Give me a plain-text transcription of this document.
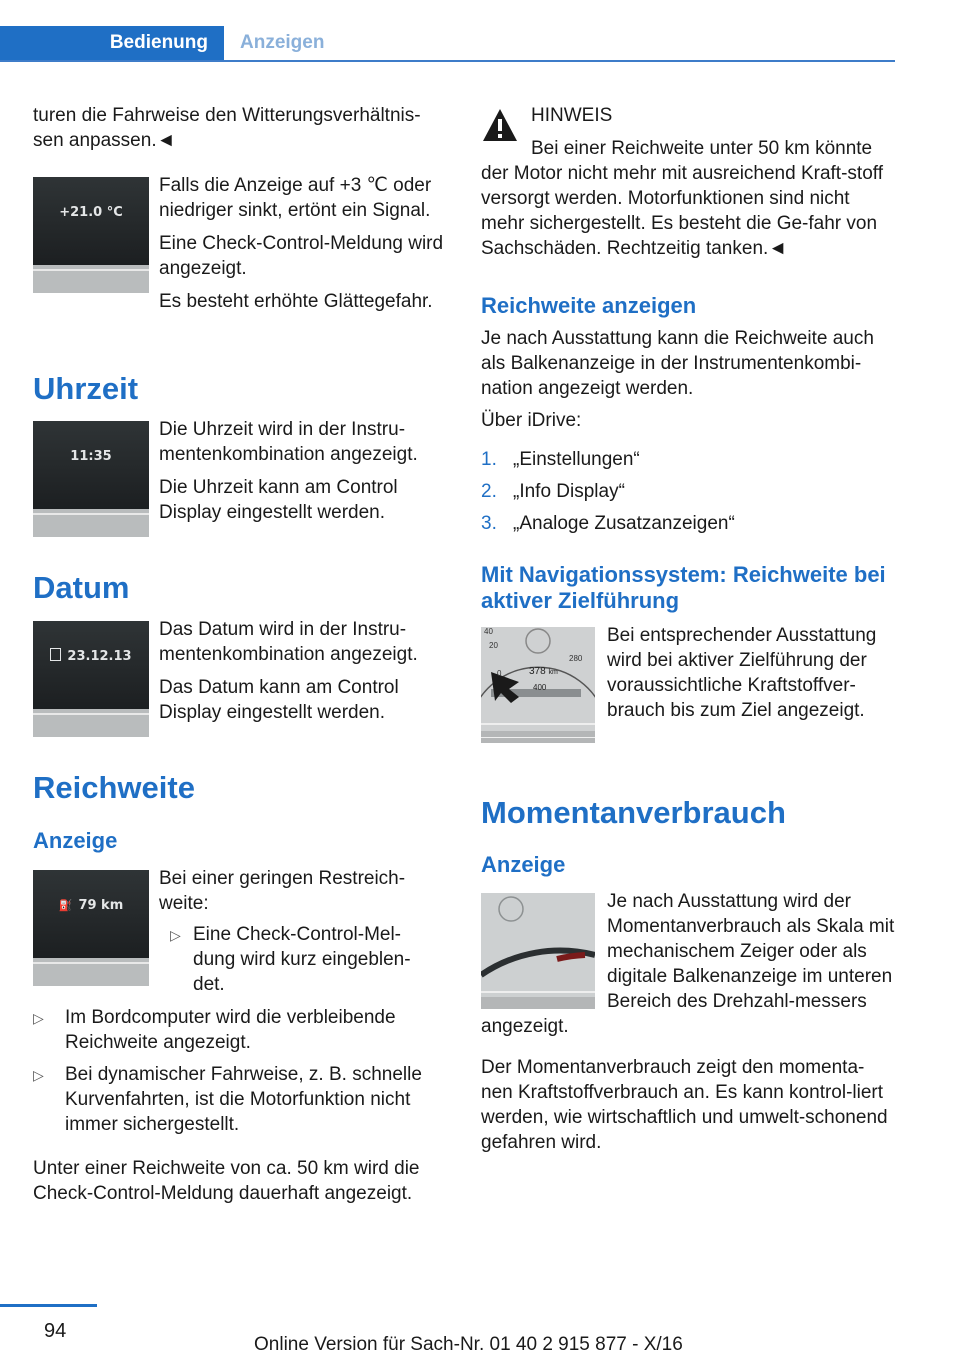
Bedienung	Anzeigen
turen die Fahrweise den Witterungsverhältnis-sen anpassen.◄
+21.0 °C

Falls die Anzeige auf +3 ℃ oder niedriger sinkt, ertönt ein Signal.

Eine Check-Control-Meldung wird angezeigt.

Es besteht erhöhte Glättegefahr.

Uhrzeit
11:35

Die Uhrzeit wird in der Instru-mentenkombination angezeigt.

Die Uhrzeit kann am Control Display eingestellt werden.

Datum
23.12.13

Das Datum wird in der Instru-mentenkombination angezeigt.

Das Datum kann am Control Display eingestellt werden.

Reichweite
Anzeige
⛽ 79 km
Bei einer geringen Restreich-weite:
▷ Eine Check-Control-Mel-dung wird kurz eingeblen-det.
▷ Im Bordcomputer wird die verbleibende Reichweite angezeigt.
▷ Bei dynamischer Fahrweise, z. B. schnelle Kurvenfahrten, ist die Motorfunktion nicht immer sichergestellt.
Unter einer Reichweite von ca. 50 km wird die Check-Control-Meldung dauerhaft angezeigt.
HINWEIS
Bei einer Reichweite unter 50 km könnte der Motor nicht mehr mit ausreichend Kraft-stoff versorgt werden. Motorfunktionen sind nicht mehr sichergestellt. Es besteht die Ge-fahr von Sachschäden. Rechtzeitig tanken.◄
Reichweite anzeigen
Je nach Ausstattung kann die Reichweite auch als Balkenanzeige in der Instrumentenkombi-nation angezeigt werden.
Über iDrive:
1. „Einstellungen“
2. „Info Display“
3. „Analoge Zusatzanzeigen“
Mit Navigationssystem: Reichweite bei aktiver Zielführung
40
20
280
0	378 km
400
Bei entsprechender Ausstattung wird bei aktiver Zielführung der voraussichtliche Kraftstoffver-brauch bis zum Ziel angezeigt.
Momentanverbrauch
Anzeige
Je nach Ausstattung wird der Momentanverbrauch als Skala mit mechanischem Zeiger oder als digitale Balkenanzeige im unteren Bereich des Drehzahl-messers angezeigt.
Der Momentanverbrauch zeigt den momenta-nen Kraftstoffverbrauch an. Es kann kontrol-liert werden, wie wirtschaftlich und umwelt-schonend gefahren wird.
94
Online Version für Sach-Nr. 01 40 2 915 877 - X/16
